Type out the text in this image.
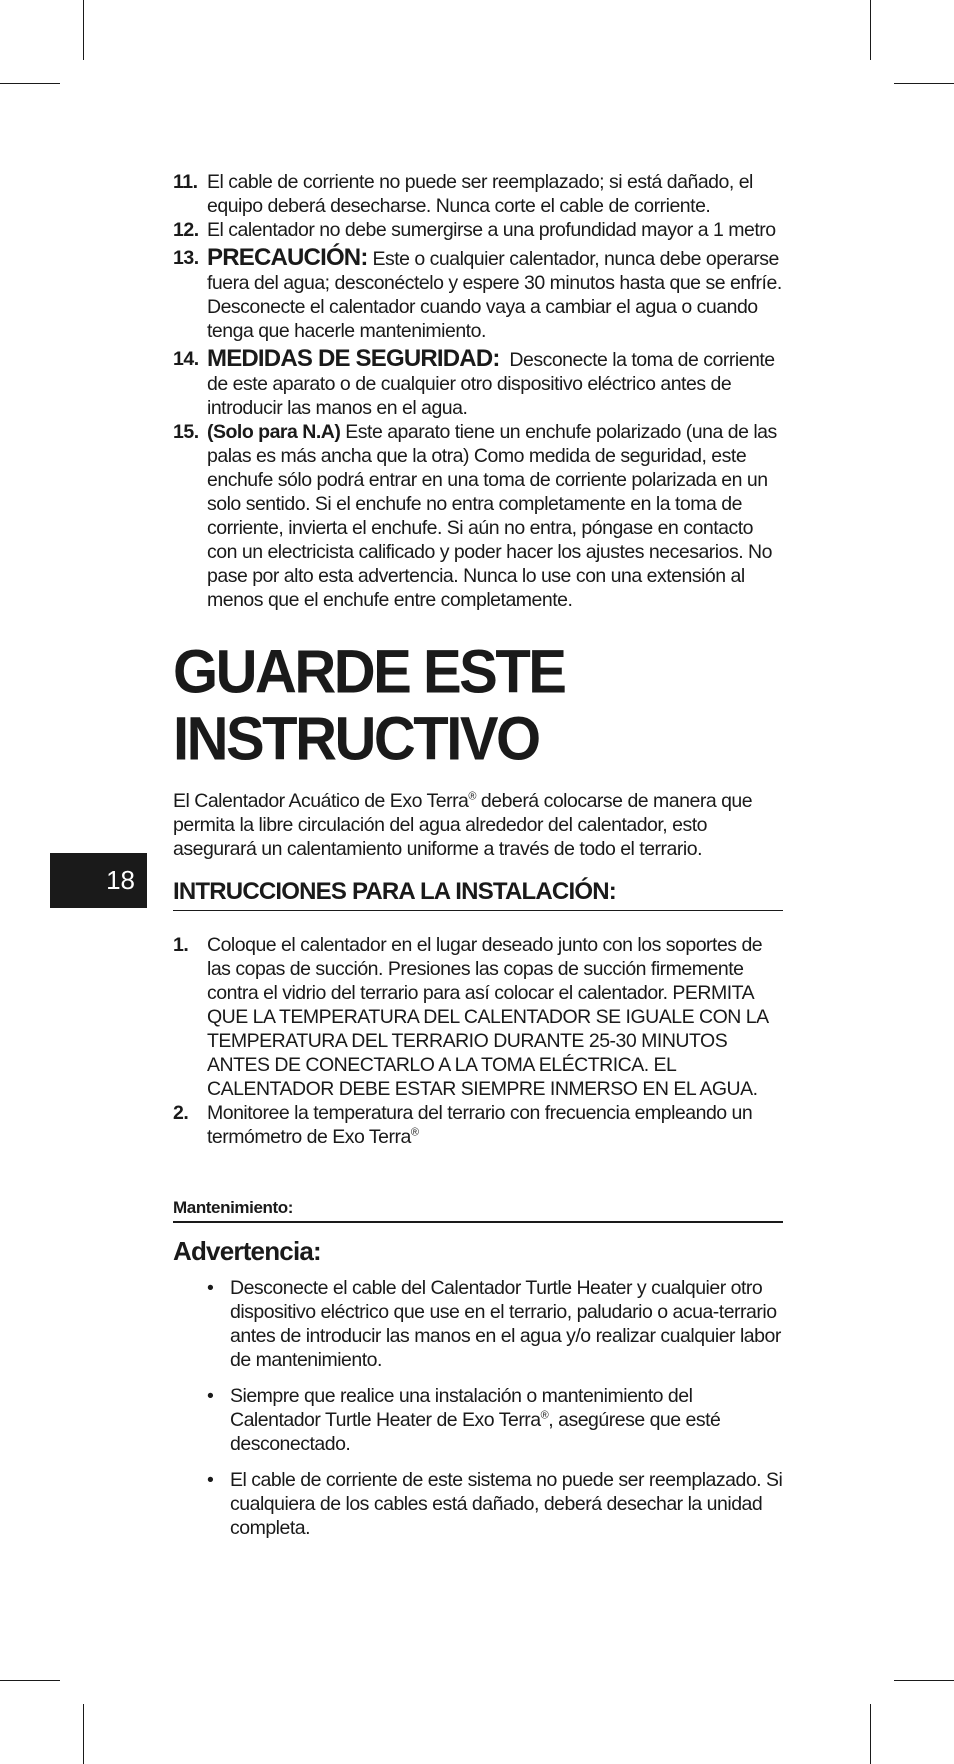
18
11. El cable de corriente no puede ser reemplazado; si está dañado, el equipo deberá desecharse. Nunca corte el cable de corriente.
12. El calentador no debe sumergirse a una profundidad mayor a 1 metro
13. PRECAUCIÓN: Este o cualquier calentador, nunca debe operarse fuera del agua; desconéctelo y espere 30 minutos hasta que se enfríe. Desconecte el calentador cuando vaya a cambiar el agua o cuando tenga que hacerle mantenimiento.
14. MEDIDAS DE SEGURIDAD: Desconecte la toma de corriente de este aparato o de cualquier otro dispositivo eléctrico antes de introducir las manos en el agua.
15. (Solo para N.A) Este aparato tiene un enchufe polarizado (una de las palas es más ancha que la otra) Como medida de seguridad, este enchufe sólo podrá entrar en una toma de corriente polarizada en un solo sentido. Si el enchufe no entra completamente en la toma de corriente, invierta el enchufe. Si aún no entra, póngase en contacto con un electricista calificado y poder hacer los ajustes necesarios. No pase por alto esta advertencia. Nunca lo use con una extensión al menos que el enchufe entre completamente.
GUARDE ESTE INSTRUCTIVO

El Calentador Acuático de Exo Terra® deberá colocarse de manera que permita la libre circulación del agua alrededor del calentador, esto asegurará un calentamiento uniforme a través de todo el terrario.

INTRUCCIONES PARA LA INSTALACIÓN:
1. Coloque el calentador en el lugar deseado junto con los soportes de las copas de succión. Presiones las copas de succión firmemente contra el vidrio del terrario para así colocar el calentador. PERMITA QUE LA TEMPERATURA DEL CALENTADOR SE IGUALE CON LA TEMPERATURA DEL TERRARIO DURANTE 25-30 MINUTOS ANTES DE CONECTARLO A LA TOMA ELÉCTRICA. EL CALENTADOR DEBE ESTAR SIEMPRE INMERSO EN EL AGUA.
2. Monitoree la temperatura del terrario con frecuencia empleando un termómetro de Exo Terra®
Mantenimiento:
Advertencia:
• Desconecte el cable del Calentador Turtle Heater y cualquier otro dispositivo eléctrico que use en el terrario, paludario o acua-terrario antes de introducir las manos en el agua y/o realizar cualquier labor de mantenimiento.
• Siempre que realice una instalación o mantenimiento del Calentador Turtle Heater de Exo Terra®, asegúrese que esté desconectado.
• El cable de corriente de este sistema no puede ser reemplazado. Si cualquiera de los cables está dañado, deberá desechar la unidad completa.
